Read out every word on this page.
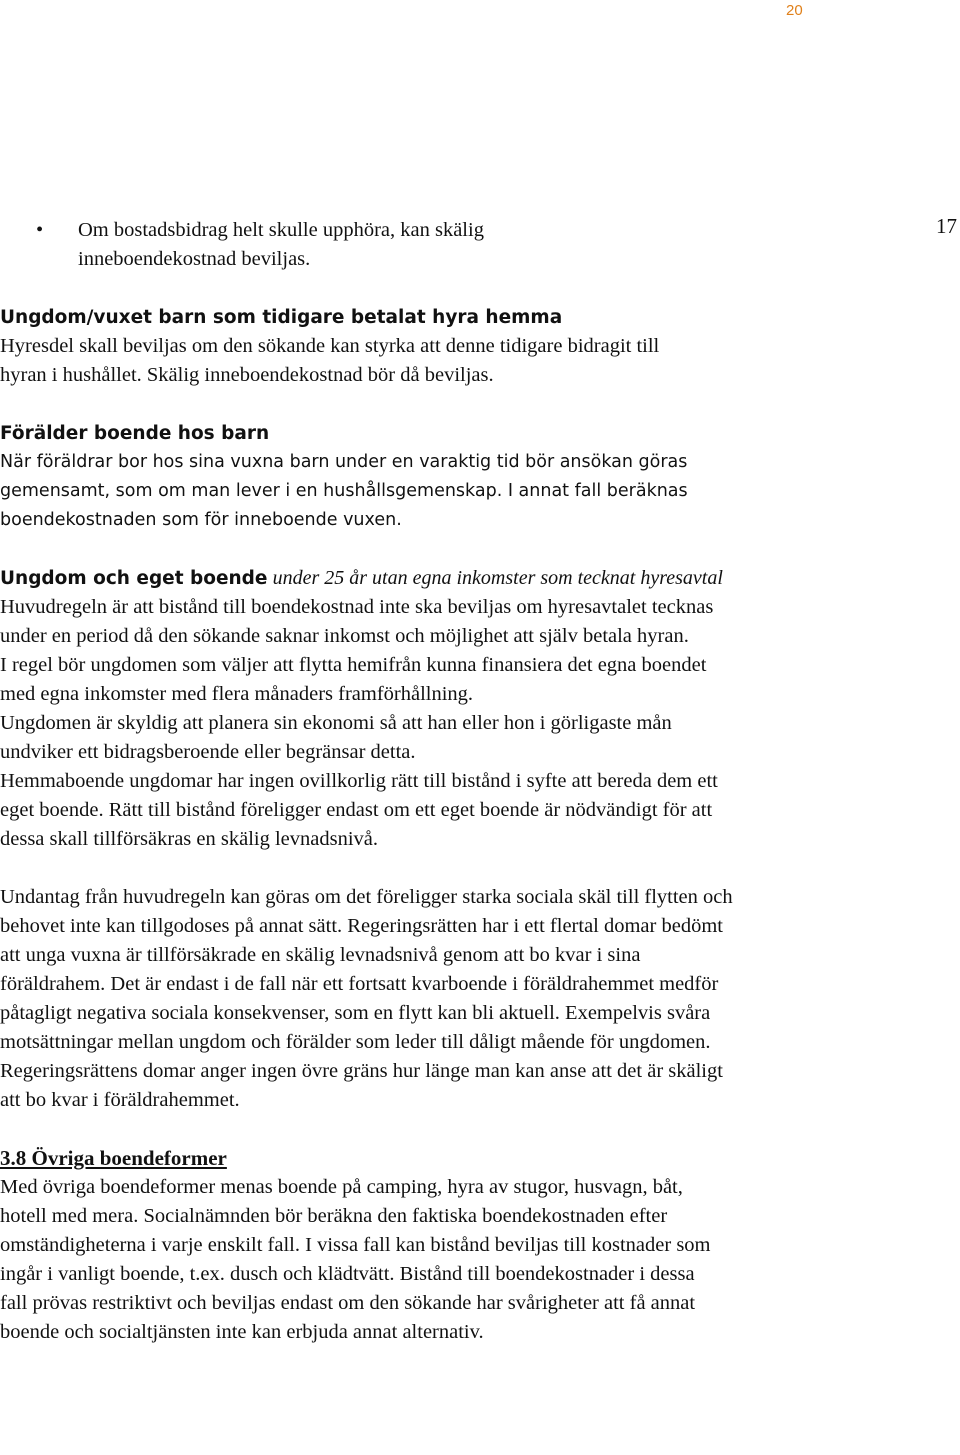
20
17
•	Om bostadsbidrag helt skulle upphöra, kan skälig inneboendekostnad beviljas.

Ungdom/vuxet barn som tidigare betalat hyra hemma

Hyresdel skall beviljas om den sökande kan styrka att denne tidigare bidragit till hyran i hushållet. Skälig inneboendekostnad bör då beviljas.

Förälder boende hos barn

När föräldrar bor hos sina vuxna barn under en varaktig tid bör ansökan göras gemensamt, som om man lever i en hushållsgemenskap. I annat fall beräknas boendekostnaden som för inneboende vuxen.

Ungdom och eget boende under 25 år utan egna inkomster som tecknat hyresavtal

Huvudregeln är att bistånd till boendekostnad inte ska beviljas om hyresavtalet tecknas under en period då den sökande saknar inkomst och möjlighet att själv betala hyran.

I regel bör ungdomen som väljer att flytta hemifrån kunna finansiera det egna boendet med egna inkomster med flera månaders framförhållning.

Ungdomen är skyldig att planera sin ekonomi så att han eller hon i görligaste mån undviker ett bidragsberoende eller begränsar detta.

Hemmaboende ungdomar har ingen ovillkorlig rätt till bistånd i syfte att bereda dem ett eget boende. Rätt till bistånd föreligger endast om ett eget boende är nödvändigt för att dessa skall tillförsäkras en skälig levnadsnivå.

Undantag från huvudregeln kan göras om det föreligger starka sociala skäl till flytten och behovet inte kan tillgodoses på annat sätt. Regeringsrätten har i ett flertal domar bedömt att unga vuxna är tillförsäkrade en skälig levnadsnivå genom att bo kvar i sina föräldrahem. Det är endast i de fall när ett fortsatt kvarboende i föräldrahemmet medför påtagligt negativa sociala konsekvenser, som en flytt kan bli aktuell. Exempelvis svåra motsättningar mellan ungdom och förälder som leder till dåligt mående för ungdomen. Regeringsrättens domar anger ingen övre gräns hur länge man kan anse att det är skäligt att bo kvar i föräldrahemmet.

3.8 Övriga boendeformer

Med övriga boendeformer menas boende på camping, hyra av stugor, husvagn, båt, hotell med mera. Socialnämnden bör beräkna den faktiska boendekostnaden efter omständigheterna i varje enskilt fall. I vissa fall kan bistånd beviljas till kostnader som ingår i vanligt boende, t.ex. dusch och klädtvätt. Bistånd till boendekostnader i dessa fall prövas restriktivt och beviljas endast om den sökande har svårigheter att få annat boende och socialtjänsten inte kan erbjuda annat alternativ.
